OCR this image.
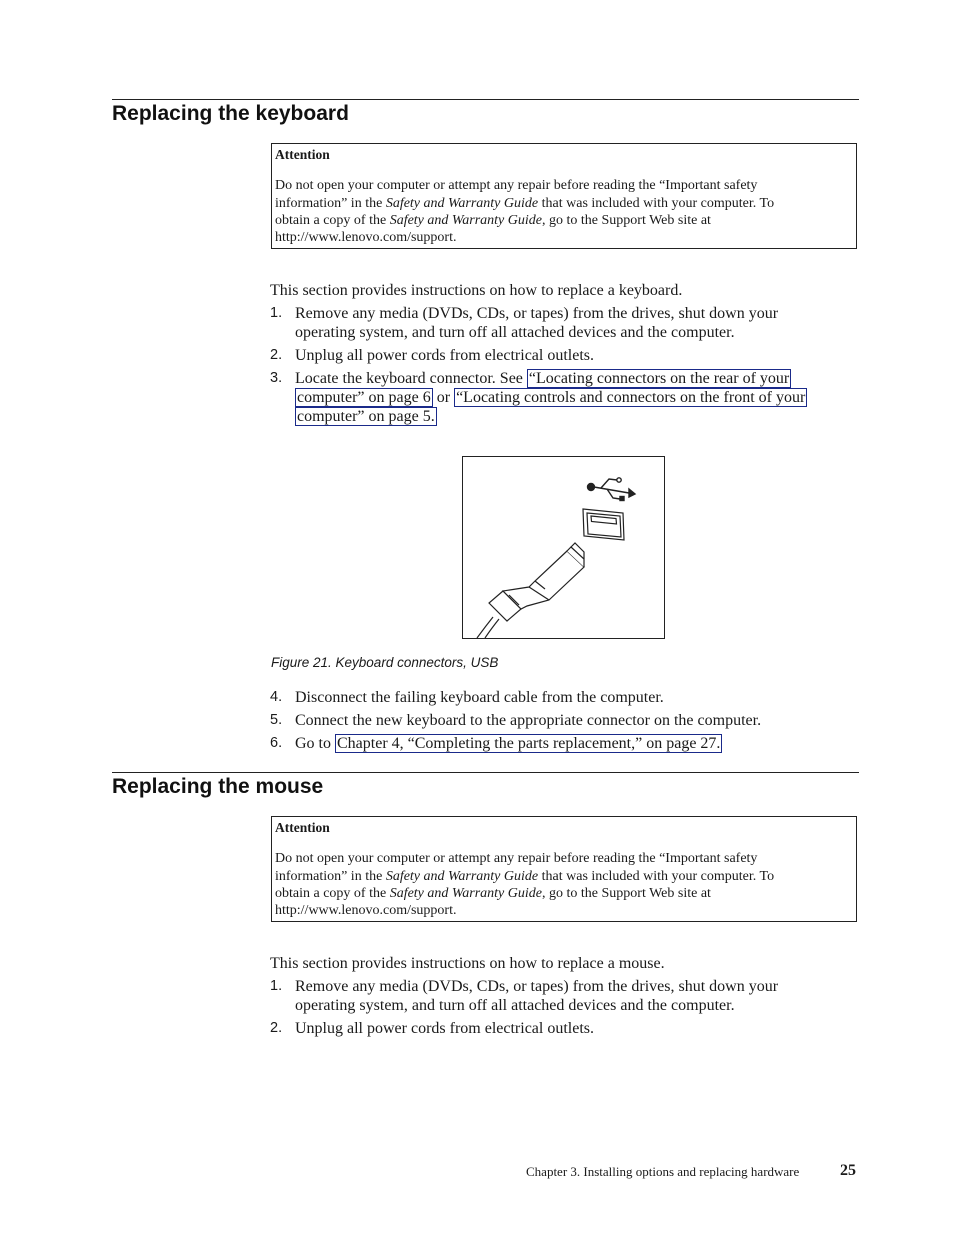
Replacing the keyboard
Attention
Do not open your computer or attempt any repair before reading the “Important safety
information” in the Safety and Warranty Guide that was included with your computer. To
obtain a copy of the Safety and Warranty Guide, go to the Support Web site at
http://www.lenovo.com/support.
This section provides instructions on how to replace a keyboard.
1. Remove any media (DVDs, CDs, or tapes) from the drives, shut down your
operating system, and turn off all attached devices and the computer.
2. Unplug all power cords from electrical outlets.
3. Locate the keyboard connector. See “Locating connectors on the rear of your
computer” on page 6 or “Locating controls and connectors on the front of your
computer” on page 5.
Figure 21. Keyboard connectors, USB
4. Disconnect the failing keyboard cable from the computer.
5. Connect the new keyboard to the appropriate connector on the computer.
6. Go to Chapter 4, “Completing the parts replacement,” on page 27.
Replacing the mouse
Attention
Do not open your computer or attempt any repair before reading the “Important safety
information” in the Safety and Warranty Guide that was included with your computer. To
obtain a copy of the Safety and Warranty Guide, go to the Support Web site at
http://www.lenovo.com/support.
This section provides instructions on how to replace a mouse.
1. Remove any media (DVDs, CDs, or tapes) from the drives, shut down your
operating system, and turn off all attached devices and the computer.
2. Unplug all power cords from electrical outlets.
Chapter 3. Installing options and replacing hardware	25
